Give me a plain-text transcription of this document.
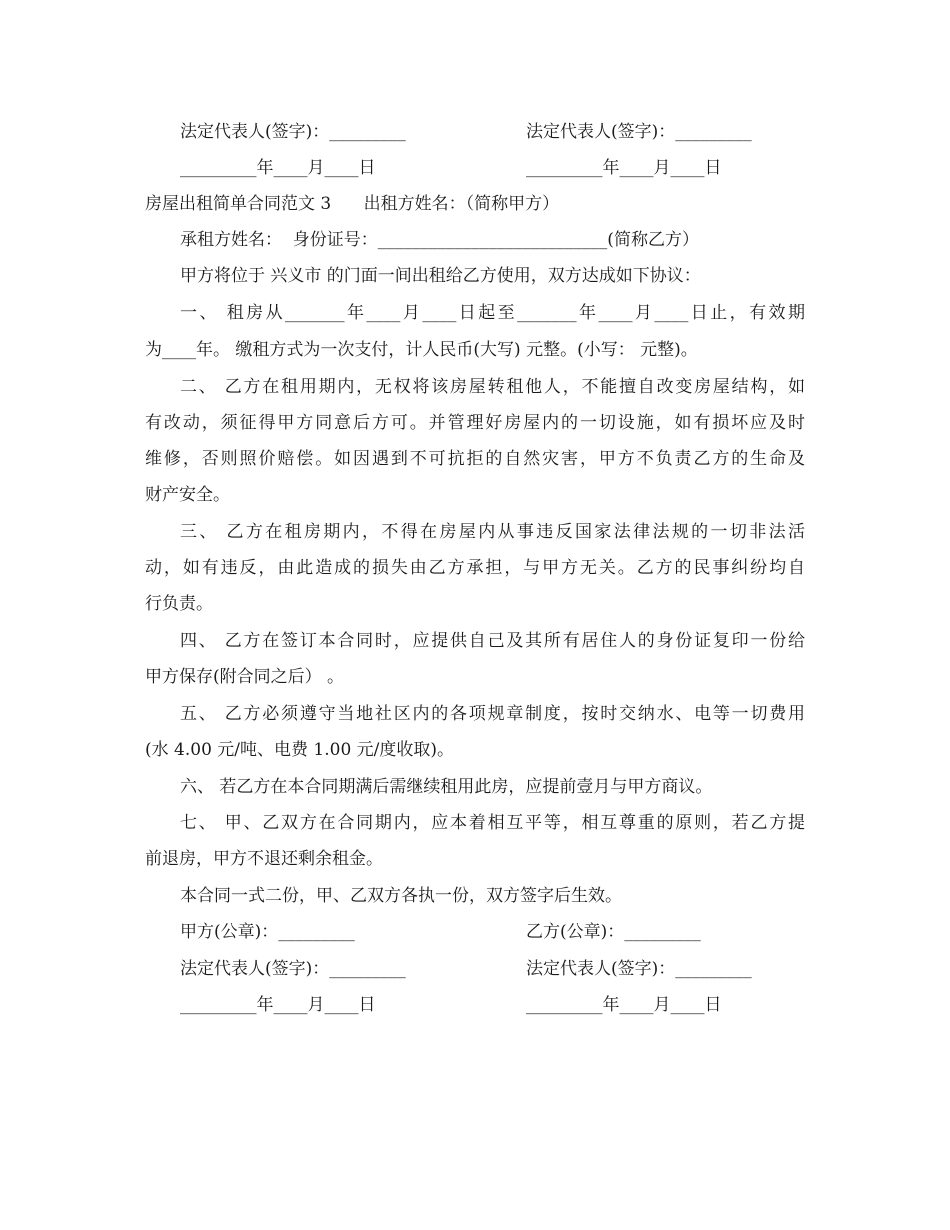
法定代表人(签字)：_________	法定代表人(签字)：_________
_________年____月____日	_________年____月____日
房屋出租简单合同范文 3      出租方姓名：（简称甲方）
承租方姓名：  身份证号：___________________________(简称乙方）
甲方将位于 兴义市 的门面一间出租给乙方使用，双方达成如下协议：
一、 租房从_______年____月____日起至_______年____月____日止，有效期
为____年。 缴租方式为一次支付，计人民币(大写) 元整。(小写： 元整)。
二、 乙方在租用期内，无权将该房屋转租他人，不能擅自改变房屋结构，如
有改动，须征得甲方同意后方可。并管理好房屋内的一切设施，如有损坏应及时
维修，否则照价赔偿。如因遇到不可抗拒的自然灾害，甲方不负责乙方的生命及
财产安全。
三、 乙方在租房期内，不得在房屋内从事违反国家法律法规的一切非法活
动，如有违反，由此造成的损失由乙方承担，与甲方无关。乙方的民事纠纷均自
行负责。
四、 乙方在签订本合同时，应提供自己及其所有居住人的身份证复印一份给
甲方保存(附合同之后） 。
五、 乙方必须遵守当地社区内的各项规章制度，按时交纳水、电等一切费用
(水 4.00 元/吨、电费 1.00 元/度收取)。
六、 若乙方在本合同期满后需继续租用此房，应提前壹月与甲方商议。
七、 甲、乙双方在合同期内，应本着相互平等，相互尊重的原则，若乙方提
前退房，甲方不退还剩余租金。
本合同一式二份，甲、乙双方各执一份，双方签字后生效。
甲方(公章)：_________	乙方(公章)：_________
法定代表人(签字)：_________	法定代表人(签字)：_________
_________年____月____日	_________年____月____日
